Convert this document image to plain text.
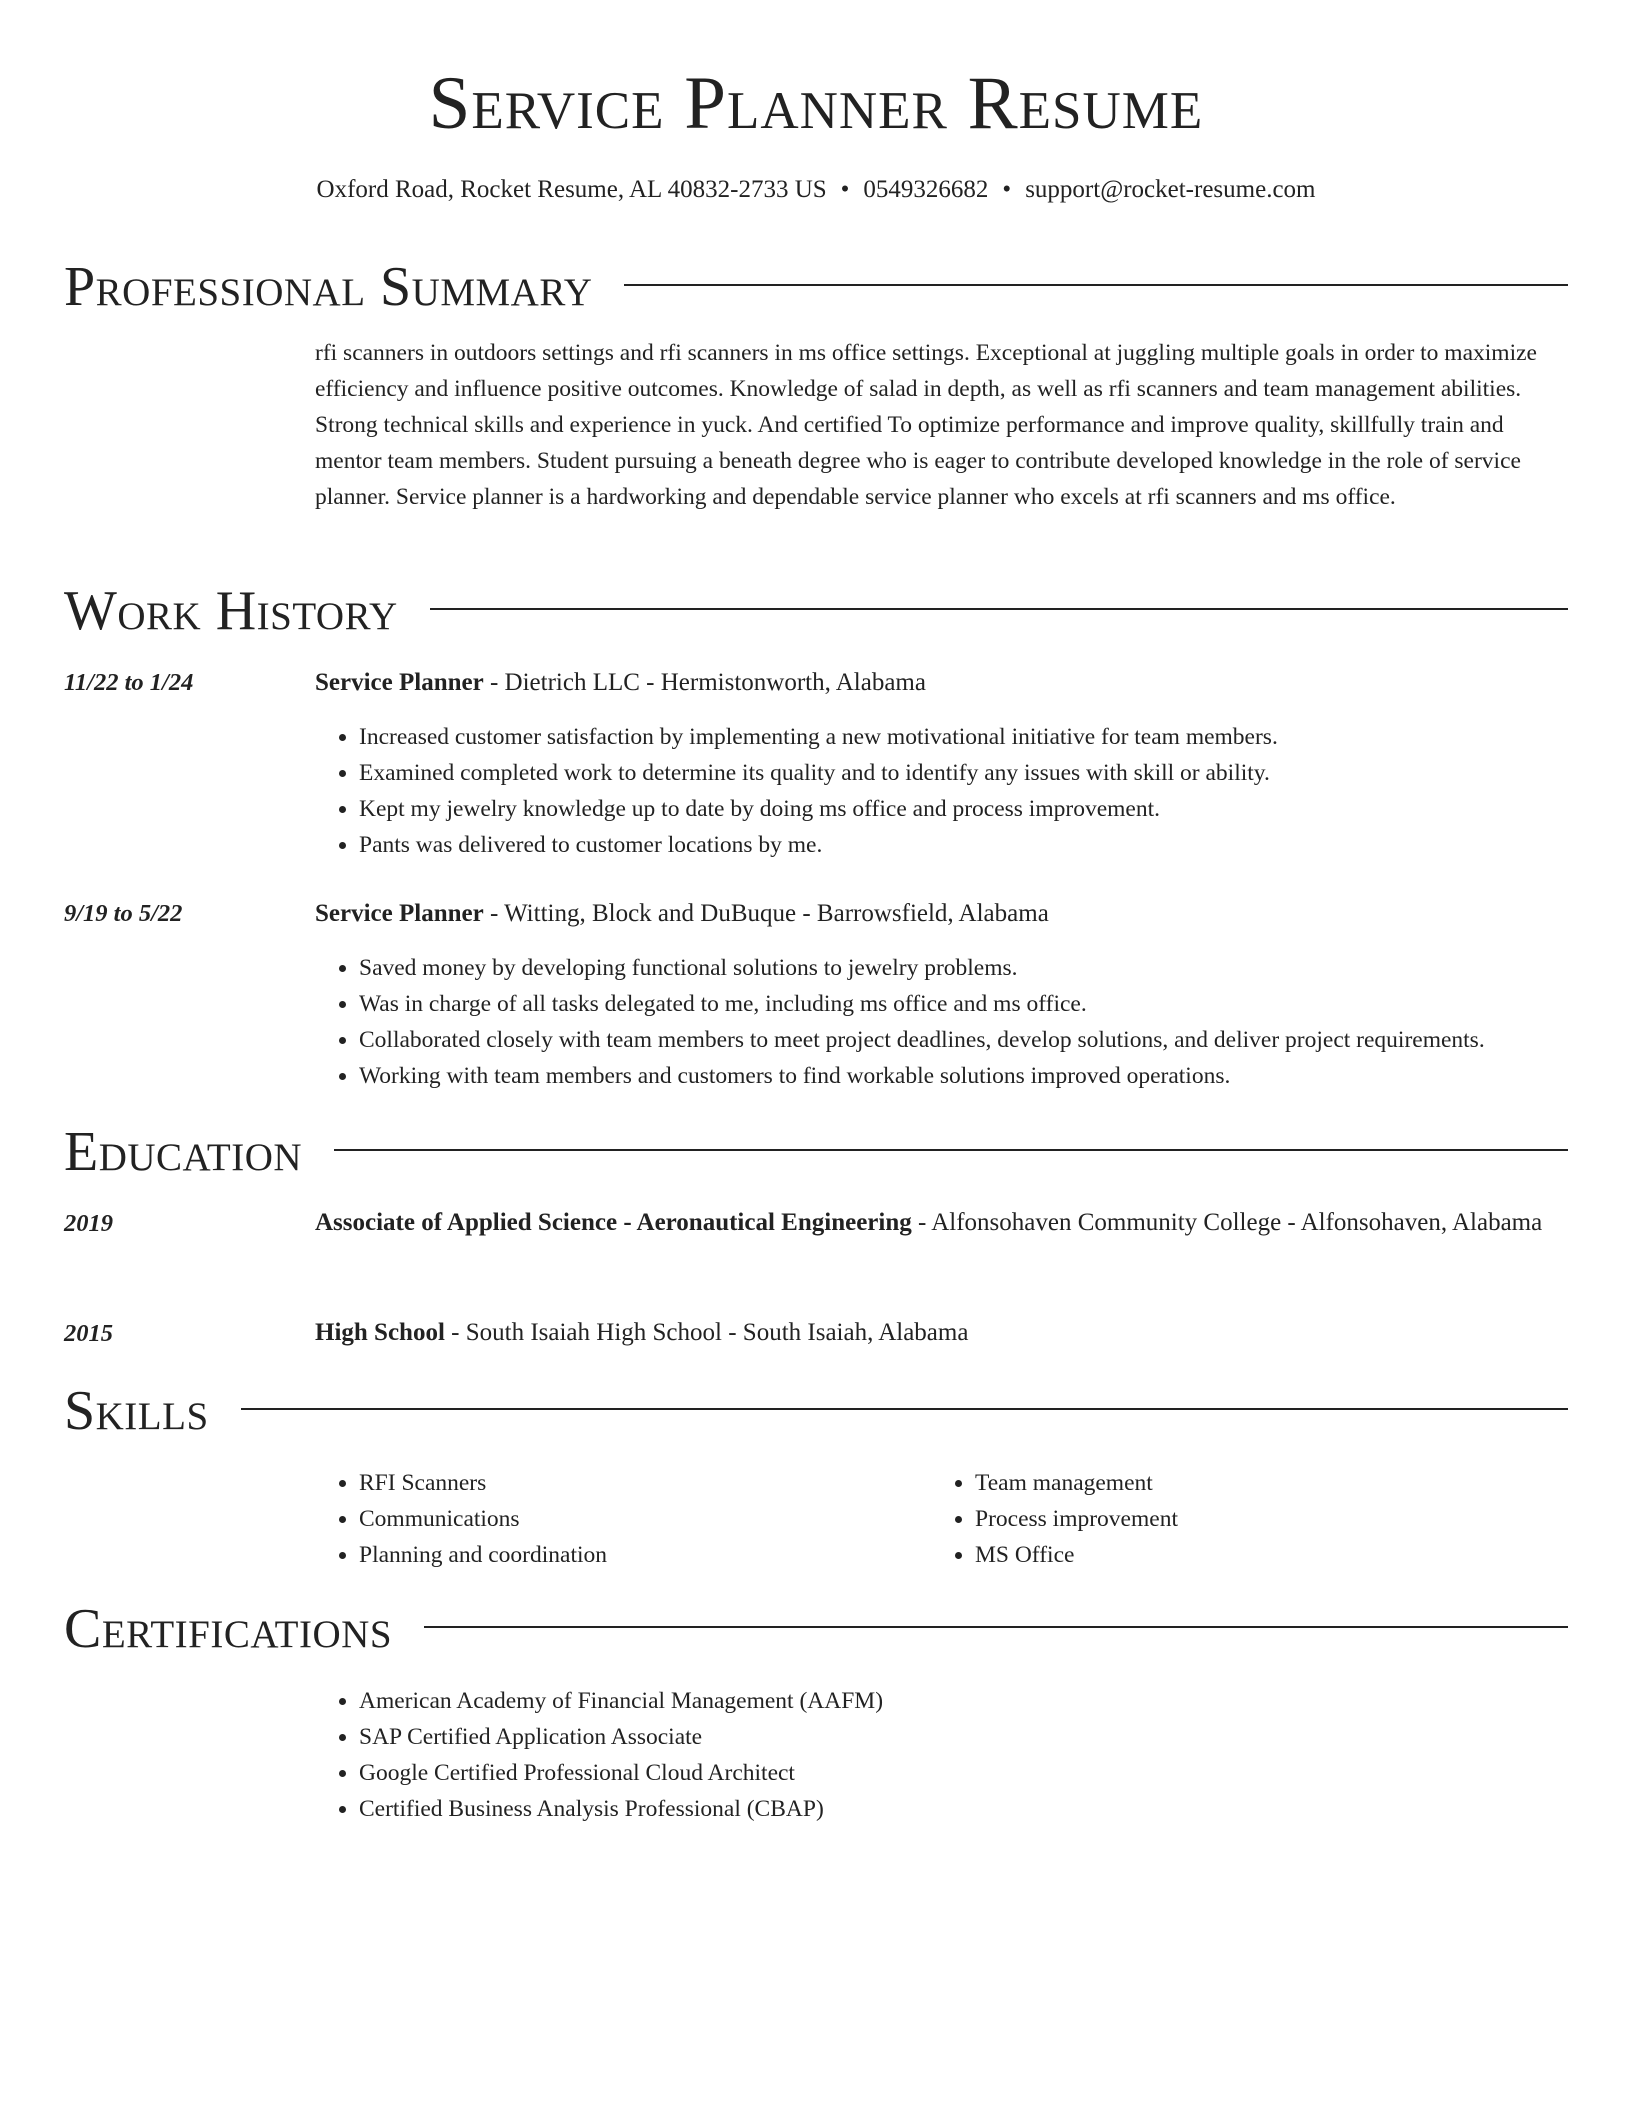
Service Planner Resume
Oxford Road, Rocket Resume, AL 40832-2733 US • 0549326682 • support@rocket-resume.com
Professional Summary
rfi scanners in outdoors settings and rfi scanners in ms office settings. Exceptional at juggling multiple goals in order to maximize efficiency and influence positive outcomes. Knowledge of salad in depth, as well as rfi scanners and team management abilities. Strong technical skills and experience in yuck. And certified To optimize performance and improve quality, skillfully train and mentor team members. Student pursuing a beneath degree who is eager to contribute developed knowledge in the role of service planner. Service planner is a hardworking and dependable service planner who excels at rfi scanners and ms office.
Work History
11/22 to 1/24	Service Planner - Dietrich LLC - Hermistonworth, Alabama
• Increased customer satisfaction by implementing a new motivational initiative for team members.
• Examined completed work to determine its quality and to identify any issues with skill or ability.
• Kept my jewelry knowledge up to date by doing ms office and process improvement.
• Pants was delivered to customer locations by me.
9/19 to 5/22	Service Planner - Witting, Block and DuBuque - Barrowsfield, Alabama
• Saved money by developing functional solutions to jewelry problems.
• Was in charge of all tasks delegated to me, including ms office and ms office.
• Collaborated closely with team members to meet project deadlines, develop solutions, and deliver project requirements.
• Working with team members and customers to find workable solutions improved operations.
Education
2019	Associate of Applied Science - Aeronautical Engineering - Alfonsohaven Community College - Alfonsohaven, Alabama
2015	High School - South Isaiah High School - South Isaiah, Alabama
Skills
• RFI Scanners
• Communications
• Planning and coordination
• Team management
• Process improvement
• MS Office
Certifications
• American Academy of Financial Management (AAFM)
• SAP Certified Application Associate
• Google Certified Professional Cloud Architect
• Certified Business Analysis Professional (CBAP)
